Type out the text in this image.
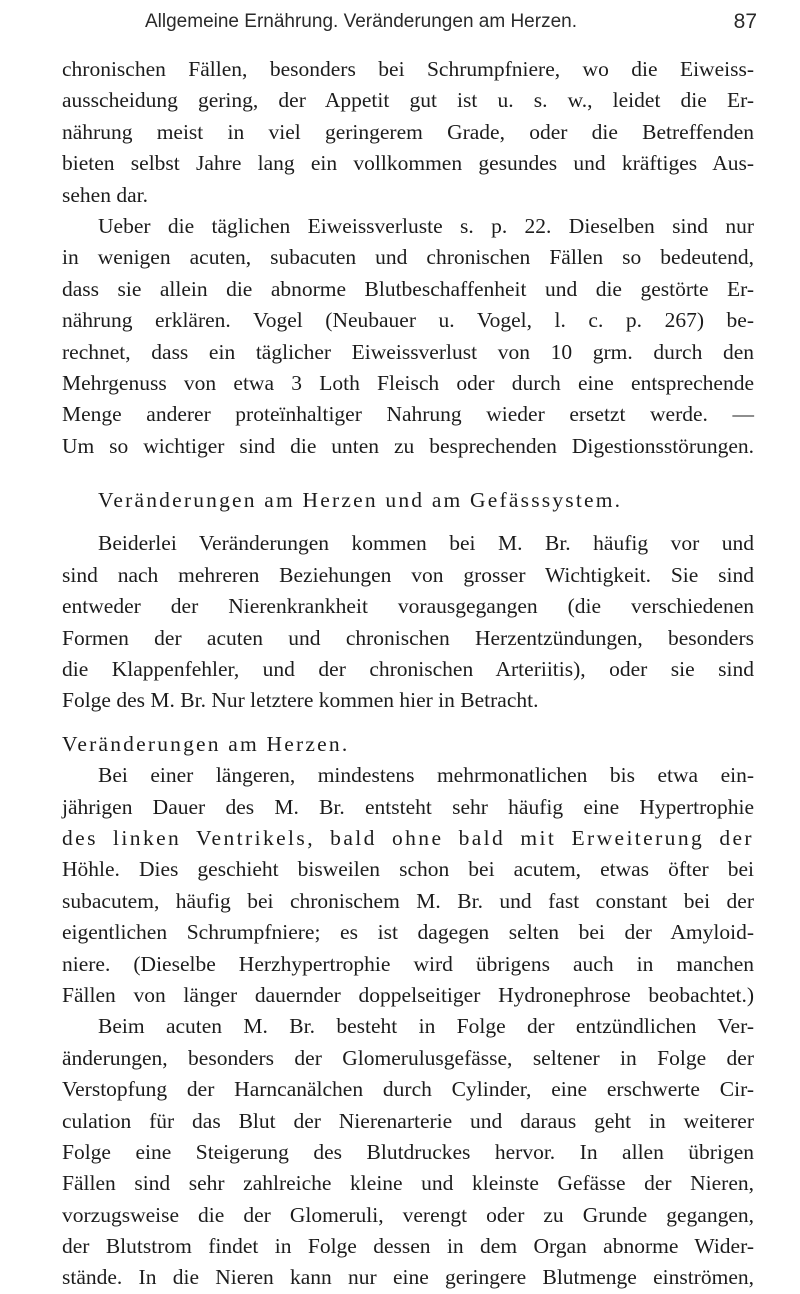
Allgemeine Ernährung. Veränderungen am Herzen.	87
chronischen Fällen, besonders bei Schrumpfniere, wo die Eiweiss-
ausscheidung gering, der Appetit gut ist u. s. w., leidet die Er-
nährung meist in viel geringerem Grade, oder die Betreffenden
bieten selbst Jahre lang ein vollkommen gesundes und kräftiges Aus-
sehen dar.
Ueber die täglichen Eiweissverluste s. p. 22. Dieselben sind nur
in wenigen acuten, subacuten und chronischen Fällen so bedeutend,
dass sie allein die abnorme Blutbeschaffenheit und die gestörte Er-
nährung erklären. Vogel (Neubauer u. Vogel, l. c. p. 267) be-
rechnet, dass ein täglicher Eiweissverlust von 10 grm. durch den
Mehrgenuss von etwa 3 Loth Fleisch oder durch eine entsprechende
Menge anderer proteïnhaltiger Nahrung wieder ersetzt werde. —
Um so wichtiger sind die unten zu besprechenden Digestionsstörungen.
Veränderungen am Herzen und am Gefässsystem.
Beiderlei Veränderungen kommen bei M. Br. häufig vor und
sind nach mehreren Beziehungen von grosser Wichtigkeit. Sie sind
entweder der Nierenkrankheit vorausgegangen (die verschiedenen
Formen der acuten und chronischen Herzentzündungen, besonders
die Klappenfehler, und der chronischen Arteriitis), oder sie sind
Folge des M. Br. Nur letztere kommen hier in Betracht.
Veränderungen am Herzen.
Bei einer längeren, mindestens mehrmonatlichen bis etwa ein-
jährigen Dauer des M. Br. entsteht sehr häufig eine Hypertrophie
des linken Ventrikels, bald ohne bald mit Erweiterung der
Höhle. Dies geschieht bisweilen schon bei acutem, etwas öfter bei
subacutem, häufig bei chronischem M. Br. und fast constant bei der
eigentlichen Schrumpfniere; es ist dagegen selten bei der Amyloid-
niere. (Dieselbe Herzhypertrophie wird übrigens auch in manchen
Fällen von länger dauernder doppelseitiger Hydronephrose beobachtet.)
Beim acuten M. Br. besteht in Folge der entzündlichen Ver-
änderungen, besonders der Glomerulusgefässe, seltener in Folge der
Verstopfung der Harncanälchen durch Cylinder, eine erschwerte Cir-
culation für das Blut der Nierenarterie und daraus geht in weiterer
Folge eine Steigerung des Blutdruckes hervor. In allen übrigen
Fällen sind sehr zahlreiche kleine und kleinste Gefässe der Nieren,
vorzugsweise die der Glomeruli, verengt oder zu Grunde gegangen,
der Blutstrom findet in Folge dessen in dem Organ abnorme Wider-
stände. In die Nieren kann nur eine geringere Blutmenge einströmen,
